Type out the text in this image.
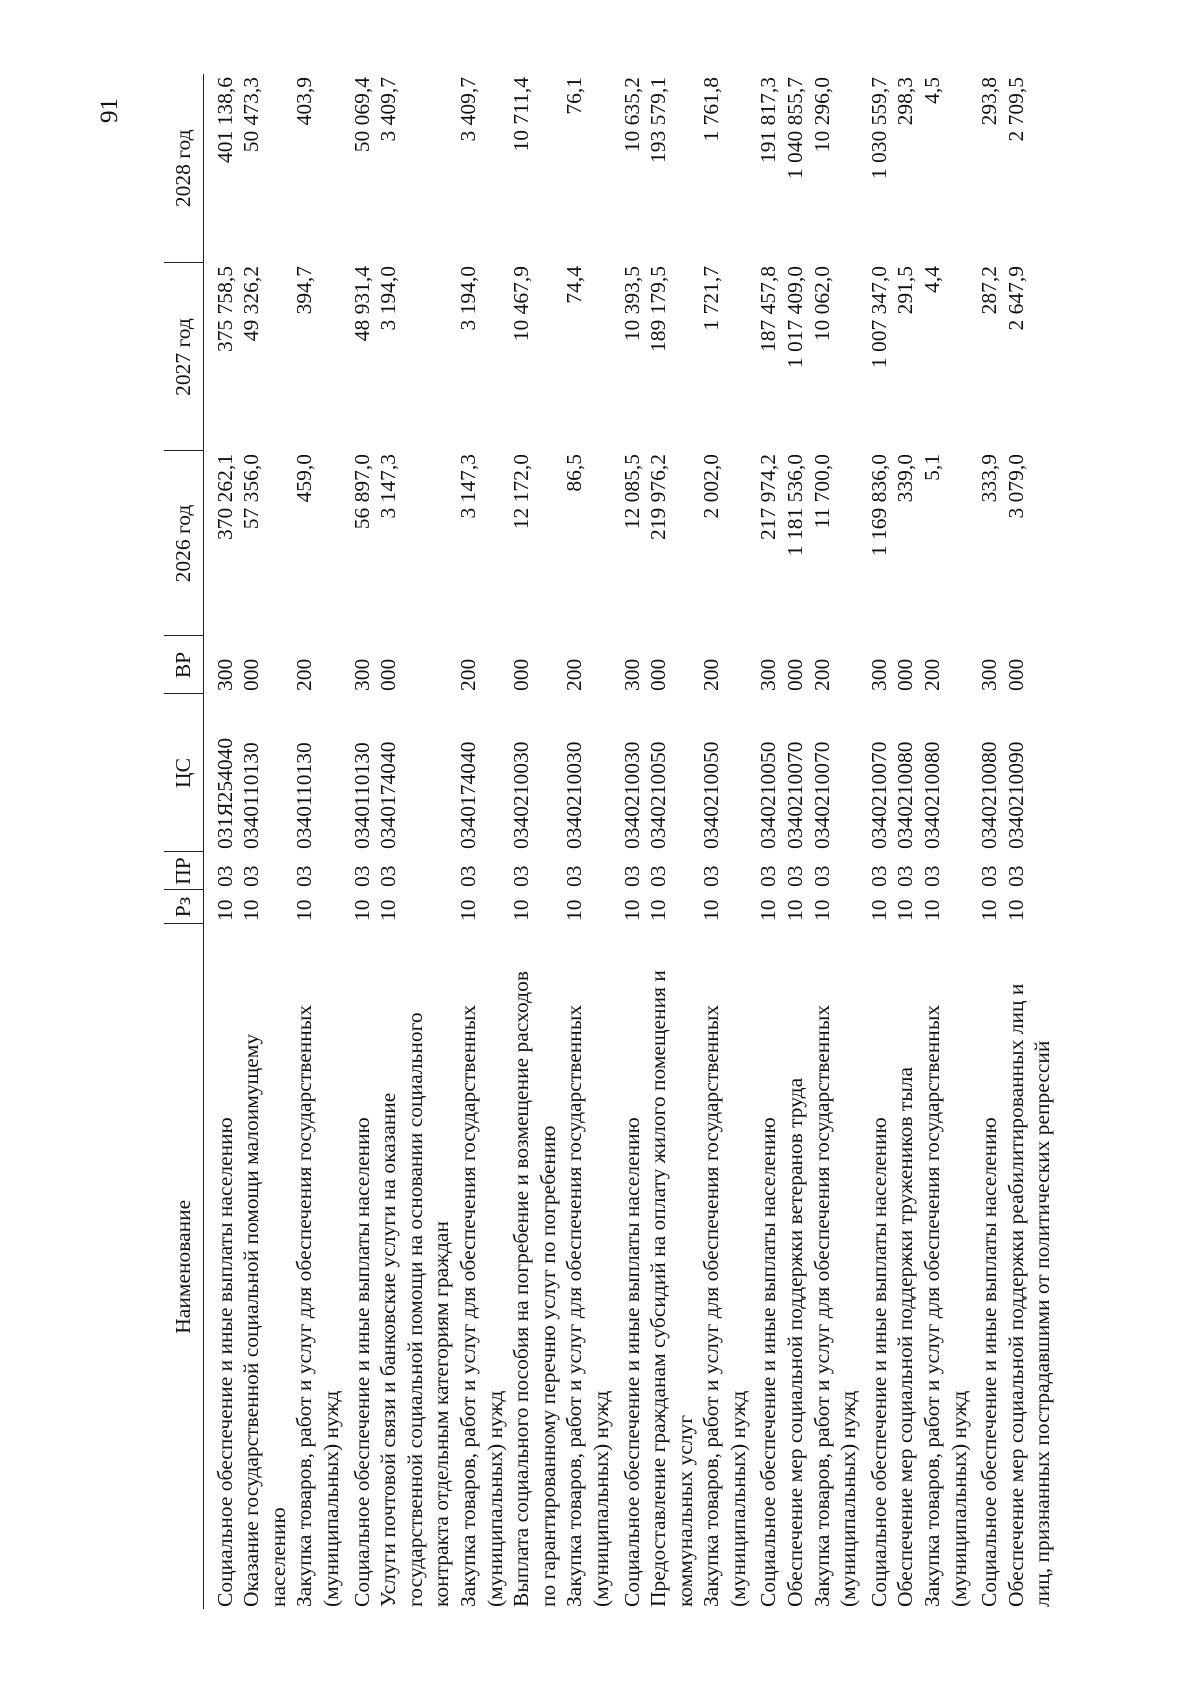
91
Наименование	Рз	ПР	ЦС	ВР	2026 год	2027 год	2028 год

Социальное обеспечение и иные выплаты населению	10	03	031Я254040	300	370 262,1	375 758,5	401 138,6

Оказание государственной социальной помощи малоимущему населению	10	03	0340110130	000	57 356,0	49 326,2	50 473,3

Закупка товаров, работ и услуг для обеспечения государственных (муниципальных) нужд	10	03	0340110130	200	459,0	394,7	403,9

Социальное обеспечение и иные выплаты населению	10	03	0340110130	300	56 897,0	48 931,4	50 069,4

Услуги почтовой связи и банковские услуги на оказание государственной социальной помощи на основании социального контракта отдельным категориям граждан	10	03	0340174040	000	3 147,3	3 194,0	3 409,7

Закупка товаров, работ и услуг для обеспечения государственных (муниципальных) нужд	10	03	0340174040	200	3 147,3	3 194,0	3 409,7

Выплата социального пособия на погребение и возмещение расходов по гарантированному перечню услуг по погребению	10	03	0340210030	000	12 172,0	10 467,9	10 711,4

Закупка товаров, работ и услуг для обеспечения государственных (муниципальных) нужд	10	03	0340210030	200	86,5	74,4	76,1

Социальное обеспечение и иные выплаты населению	10	03	0340210030	300	12 085,5	10 393,5	10 635,2

Предоставление гражданам субсидий на оплату жилого помещения и коммунальных услуг	10	03	0340210050	000	219 976,2	189 179,5	193 579,1

Закупка товаров, работ и услуг для обеспечения государственных (муниципальных) нужд	10	03	0340210050	200	2 002,0	1 721,7	1 761,8

Социальное обеспечение и иные выплаты населению	10	03	0340210050	300	217 974,2	187 457,8	191 817,3

Обеспечение мер социальной поддержки ветеранов труда	10	03	0340210070	000	1 181 536,0	1 017 409,0	1 040 855,7

Закупка товаров, работ и услуг для обеспечения государственных (муниципальных) нужд	10	03	0340210070	200	11 700,0	10 062,0	10 296,0

Социальное обеспечение и иные выплаты населению	10	03	0340210070	300	1 169 836,0	1 007 347,0	1 030 559,7

Обеспечение мер социальной поддержки тружеников тыла	10	03	0340210080	000	339,0	291,5	298,3

Закупка товаров, работ и услуг для обеспечения государственных (муниципальных) нужд	10	03	0340210080	200	5,1	4,4	4,5

Социальное обеспечение и иные выплаты населению	10	03	0340210080	300	333,9	287,2	293,8

Обеспечение мер социальной поддержки реабилитированных лиц и лиц, признанных пострадавшими от политических репрессий	10	03	0340210090	000	3 079,0	2 647,9	2 709,5
